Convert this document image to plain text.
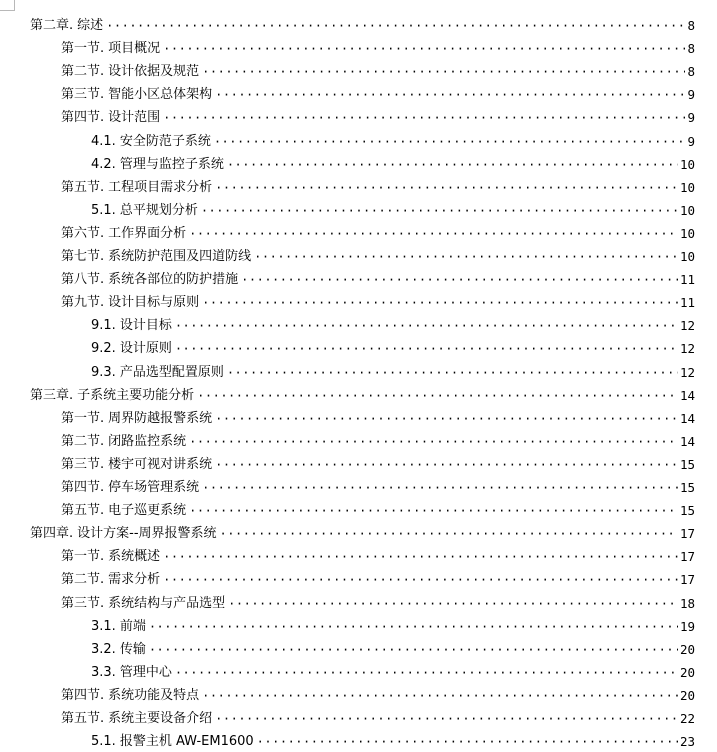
第二章. 综述 ·····	8
第一节. 项目概况 ·····	8
第二节. 设计依据及规范 ·····	8
第三节. 智能小区总体架构 ·····	9
第四节. 设计范围 ·····	9
4.1. 安全防范子系统 ·····	9
4.2. 管理与监控子系统 ·····	10
第五节. 工程项目需求分析 ·····	10
5.1. 总平规划分析 ·····	10
第六节. 工作界面分析 ·····	10
第七节. 系统防护范围及四道防线 ·····	10
第八节. 系统各部位的防护措施 ·····	11
第九节. 设计目标与原则 ·····	11
9.1. 设计目标 ·····	12
9.2. 设计原则 ·····	12
9.3. 产品选型配置原则 ·····	12
第三章. 子系统主要功能分析 ·····	14
第一节. 周界防越报警系统 ·····	14
第二节. 闭路监控系统 ·····	14
第三节. 楼宇可视对讲系统 ·····	15
第四节. 停车场管理系统 ·····	15
第五节. 电子巡更系统 ·····	15
第四章. 设计方案--周界报警系统 ·····	17
第一节. 系统概述 ·····	17
第二节. 需求分析 ·····	17
第三节. 系统结构与产品选型 ·····	18
3.1. 前端 ·····	19
3.2. 传输 ·····	20
3.3. 管理中心 ·····	20
第四节. 系统功能及特点 ·····	20
第五节. 系统主要设备介绍 ·····	22
5.1. 报警主机 AW-EM1600 ·····	23
